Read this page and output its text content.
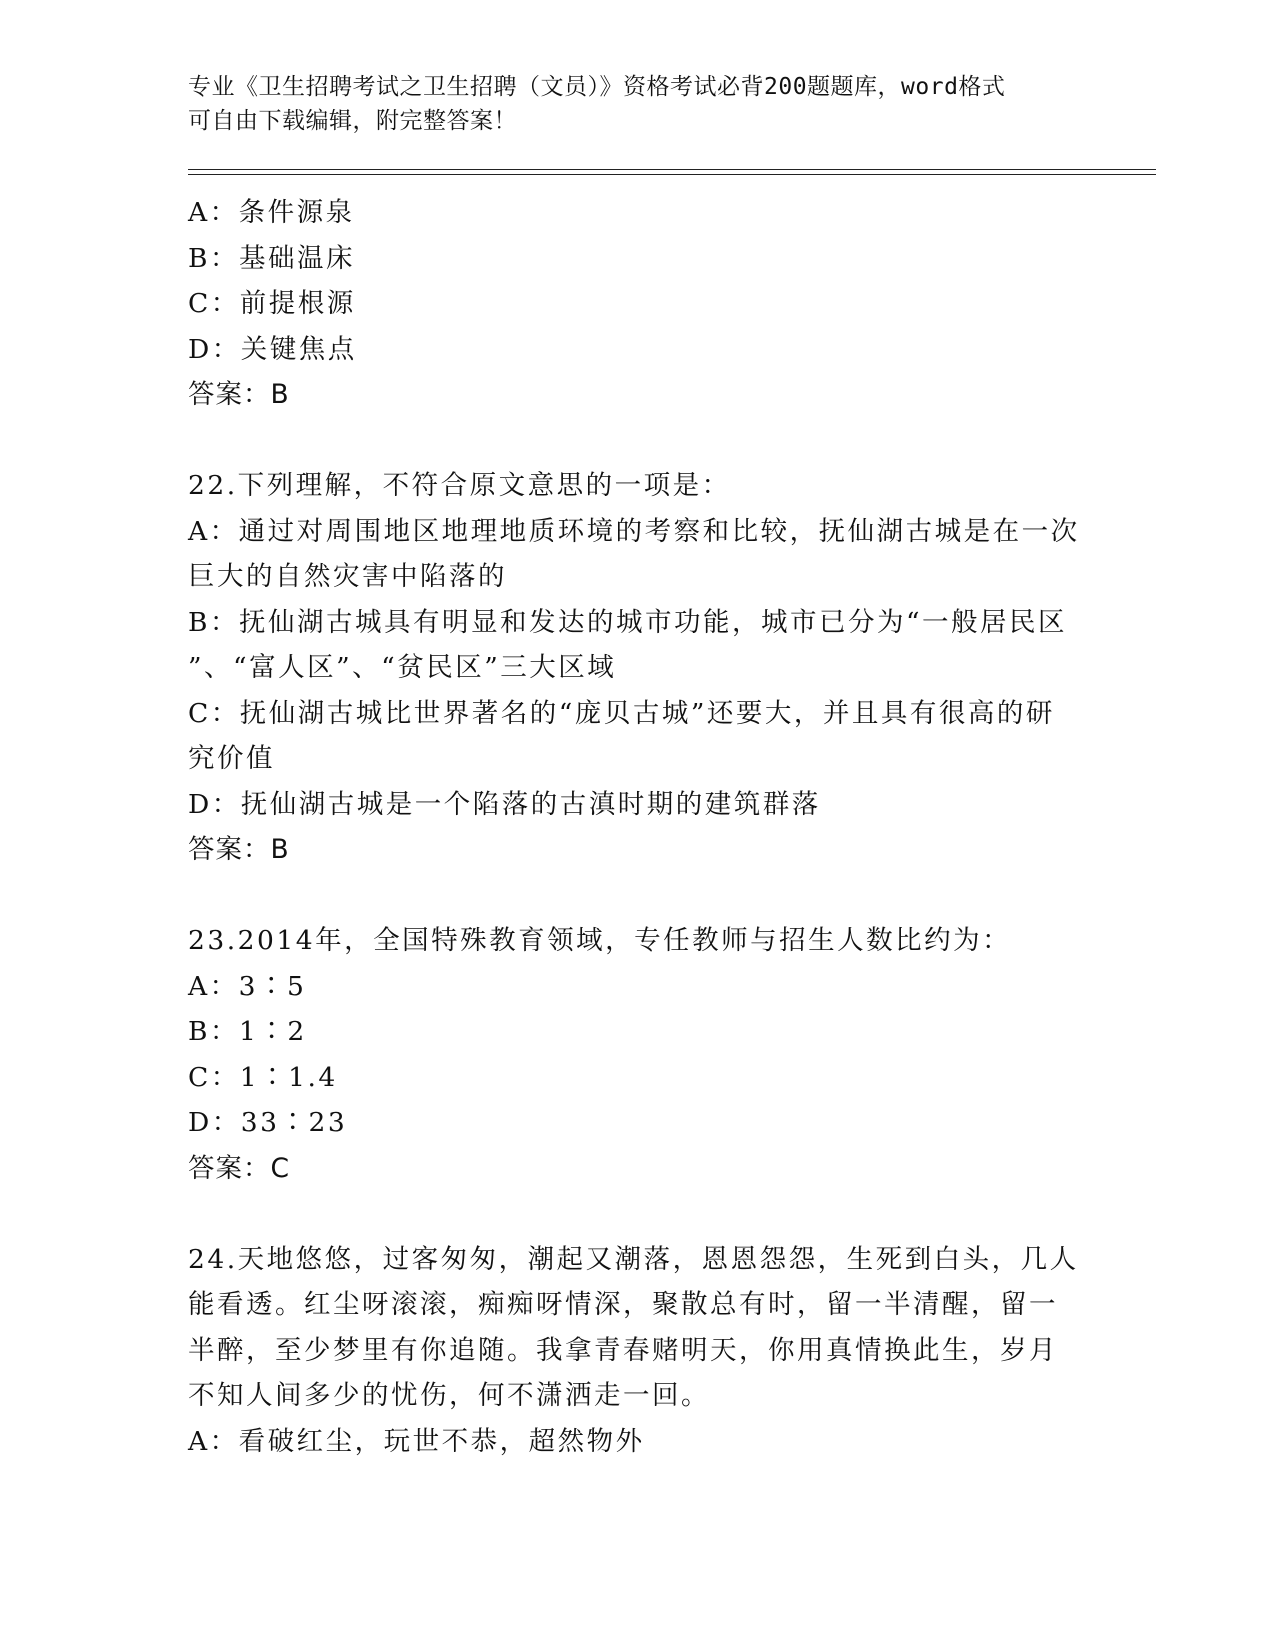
专业《卫生招聘考试之卫生招聘（文员）》资格考试必背200题题库，word格式
可自由下载编辑，附完整答案！
A：条件源泉
B：基础温床
C：前提根源
D：关键焦点
答案：B
22.下列理解，不符合原文意思的一项是：
A：通过对周围地区地理地质环境的考察和比较，抚仙湖古城是在一次
巨大的自然灾害中陷落的
B：抚仙湖古城具有明显和发达的城市功能，城市已分为“一般居民区
”、“富人区”、“贫民区”三大区域
C：抚仙湖古城比世界著名的“庞贝古城”还要大，并且具有很高的研
究价值
D：抚仙湖古城是一个陷落的古滇时期的建筑群落
答案：B
23.2014年，全国特殊教育领域，专任教师与招生人数比约为：
A：3∶5
B：1∶2
C：1∶1.4
D：33∶23
答案：C
24.天地悠悠，过客匆匆，潮起又潮落，恩恩怨怨，生死到白头，几人
能看透。红尘呀滚滚，痴痴呀情深，聚散总有时，留一半清醒，留一
半醉，至少梦里有你追随。我拿青春赌明天，你用真情换此生，岁月
不知人间多少的忧伤，何不潇洒走一回。
A：看破红尘，玩世不恭，超然物外
